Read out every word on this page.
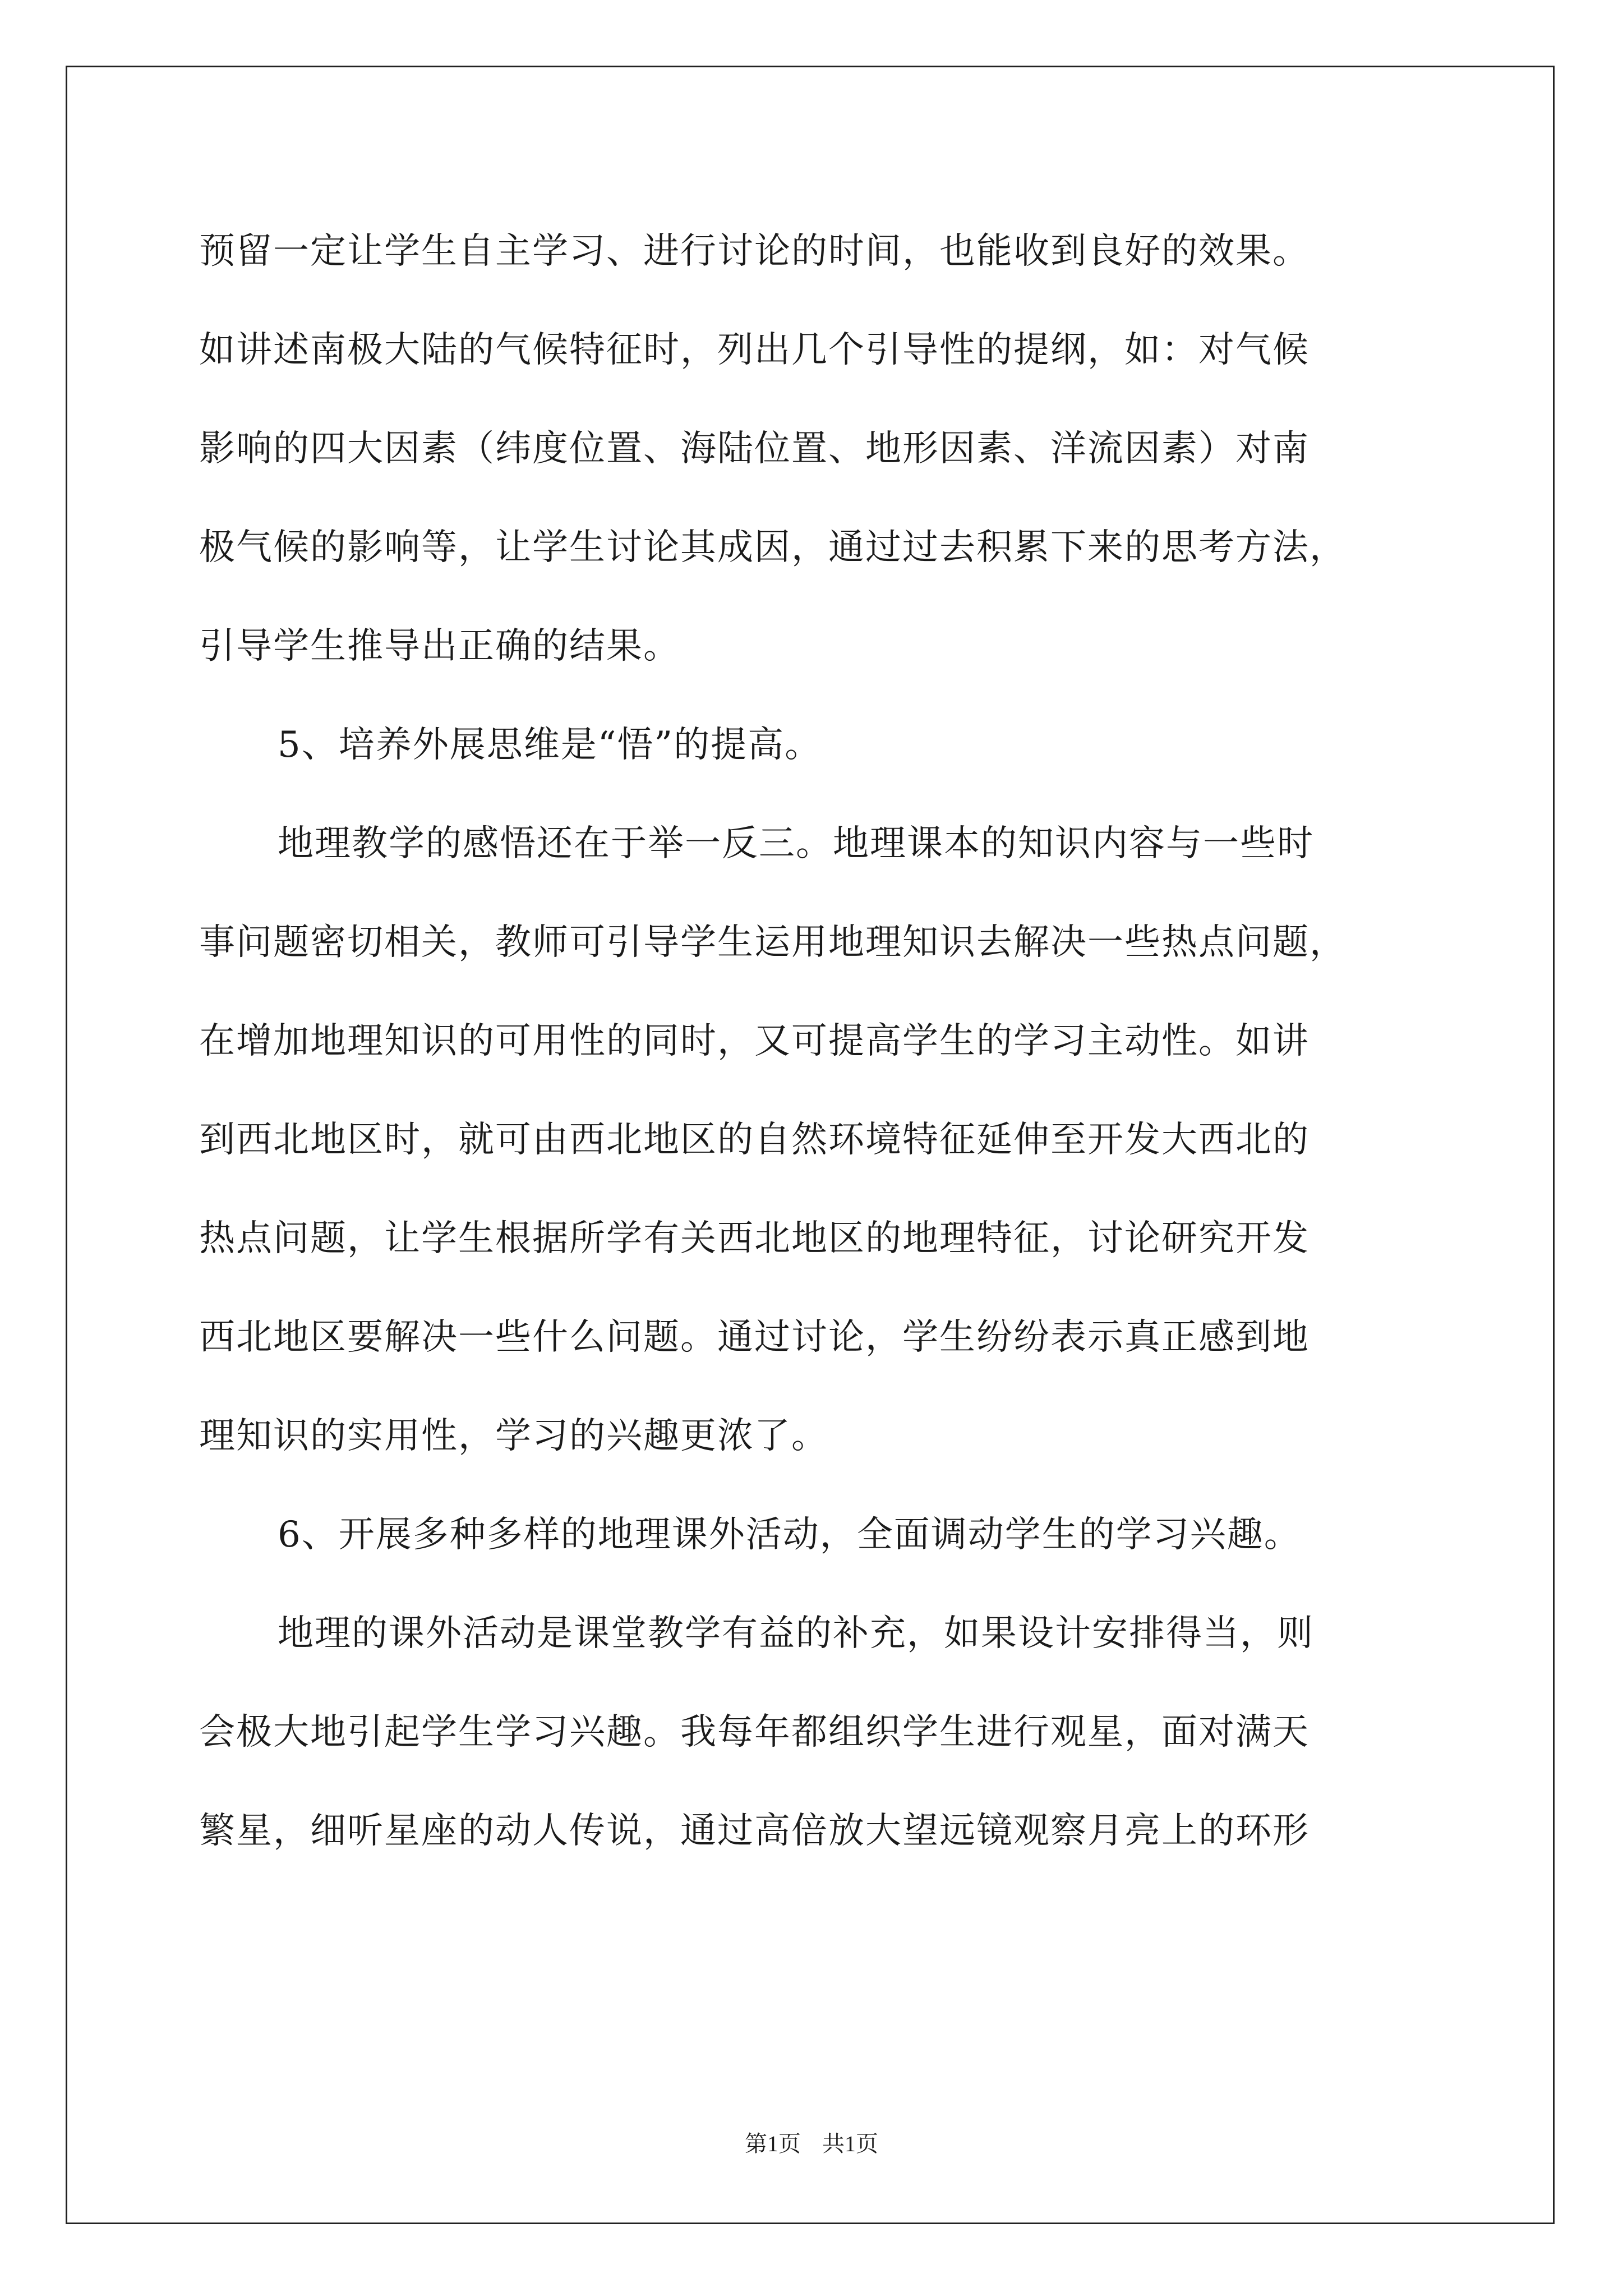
预留一定让学生自主学习、进行讨论的时间，也能收到良好的效果。
如讲述南极大陆的气候特征时，列出几个引导性的提纲，如：对气候
影响的四大因素（纬度位置、海陆位置、地形因素、洋流因素）对南
极气候的影响等，让学生讨论其成因，通过过去积累下来的思考方法，
引导学生推导出正确的结果。
5、培养外展思维是“悟”的提高。
地理教学的感悟还在于举一反三。地理课本的知识内容与一些时
事问题密切相关，教师可引导学生运用地理知识去解决一些热点问题，
在增加地理知识的可用性的同时，又可提高学生的学习主动性。如讲
到西北地区时，就可由西北地区的自然环境特征延伸至开发大西北的
热点问题，让学生根据所学有关西北地区的地理特征，讨论研究开发
西北地区要解决一些什么问题。通过讨论，学生纷纷表示真正感到地
理知识的实用性，学习的兴趣更浓了。
6、开展多种多样的地理课外活动，全面调动学生的学习兴趣。
地理的课外活动是课堂教学有益的补充，如果设计安排得当，则
会极大地引起学生学习兴趣。我每年都组织学生进行观星，面对满天
繁星，细听星座的动人传说，通过高倍放大望远镜观察月亮上的环形
第1页 共1页
